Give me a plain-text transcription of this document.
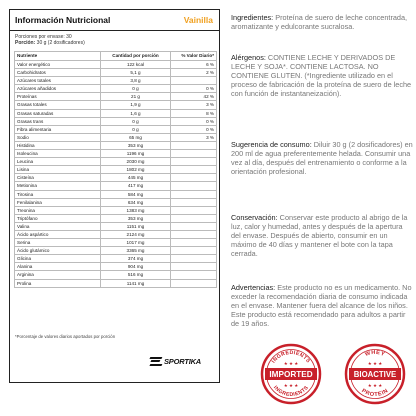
Información Nutricional	Vainilla
Porciones por envase: 30
Porción: 30 g (2 dosificadores)
Nutriente	Cantidad por porción	% Valor Diario*
Valor energético	122 kcal	6 %
Carbohidratos	5,1 g	2 %
Azúcares totales	3,8 g	
Azúcares añadidos	0 g	0 %
Proteínas	21 g	42 %
Grasas totales	1,9 g	3 %
Grasas saturadas	1,6 g	8 %
Grasas trans	0 g	0 %
Fibra alimentaria	0 g	0 %
Sodio	65 mg	3 %
Histidina	353 mg	
Isoleucina	1196 mg	
Leucina	2030 mg	
Lisina	1802 mg	
Cisteína	445 mg	
Metionina	417 mg	
Tirosina	584 mg	
Fenilalanina	634 mg	
Treonina	1383 mg	
Triptófano	353 mg	
Valina	1151 mg	
Ácido aspártico	2124 mg	
Serina	1017 mg	
Ácido glutámico	3365 mg	
Glicina	374 mg	
Alanina	904 mg	
Arginina	516 mg	
Prolina	1141 mg	
*Porcentaje de valores diarios aportados por porción
SPORTIKA
Ingredientes: Proteína de suero de leche concentrada, aromatizante y edulcorante sucralosa.
Alérgenos: CONTIENE LECHE Y DERIVADOS DE LECHE Y SOJA*. CONTIENE LACTOSA. NO CONTIENE GLUTEN. (*Ingrediente utilizado en el proceso de fabricación de la proteína de suero de leche con función de instantaneización).
Sugerencia de consumo: Diluir 30 g (2 dosificadores) en 200 ml de agua preferentemente helada. Consumir una vez al día, después del entrenamiento o conforme a la orientación profesional.
Conservación: Conservar este producto al abrigo de la luz, calor y humedad, antes y después de la apertura del envase. Después de abierto, consumir en un máximo de 40 días y mantener el bote con la tapa cerrada.
Advertencias: Este producto no es un medicamento. No exceder la recomendación diaria de consumo indicada en el envase. Mantener fuera del alcance de los niños. Este producto está recomendado para adultos a partir de 19 años.
INGREDIENTS
INGREDIENTS
IMPORTED
★ ★ ★
★ ★ ★
WHEY
PROTEIN
BIOACTIVE
★ ★ ★
★ ★ ★
